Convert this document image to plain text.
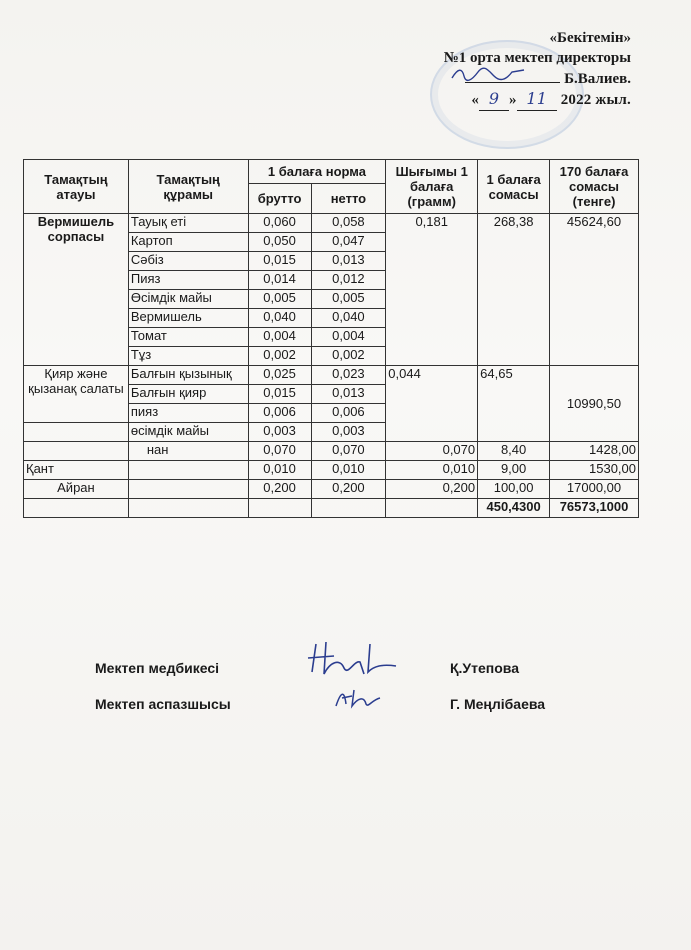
«Бекітемін»
№1 орта мектеп директоры
Б.Валиев.
« 9 » 11 2022 жыл.
Тамақтың атауы	Тамақтың құрамы	1 балаға норма		Шығымы 1 балаға (грамм)	1 балаға сомасы	170 балаға сомасы (тенге)
		брутто	нетто			
Вермишель сорпасы	Тауық еті	0,060	0,058	0,181	268,38	45624,60
	Картоп	0,050	0,047			
	Сәбіз	0,015	0,013			
	Пияз	0,014	0,012			
	Өсімдік майы	0,005	0,005			
	Вермишель	0,040	0,040			
	Томат	0,004	0,004			
	Тұз	0,002	0,002			
Қияр және қызанақ салаты	Балғын қызынық	0,025	0,023	0,044	64,65	10990,50
	Балғын қияр	0,015	0,013			
	пияз	0,006	0,006			
	өсімдік майы	0,003	0,003			
	нан	0,070	0,070	0,070	8,40	1428,00
Қант		0,010	0,010	0,010	9,00	1530,00
Айран		0,200	0,200	0,200	100,00	17000,00
					450,4300	76573,1000
Мектеп медбикесі	Қ.Утепова
Мектеп аспазшысы	Г. Меңлібаева
